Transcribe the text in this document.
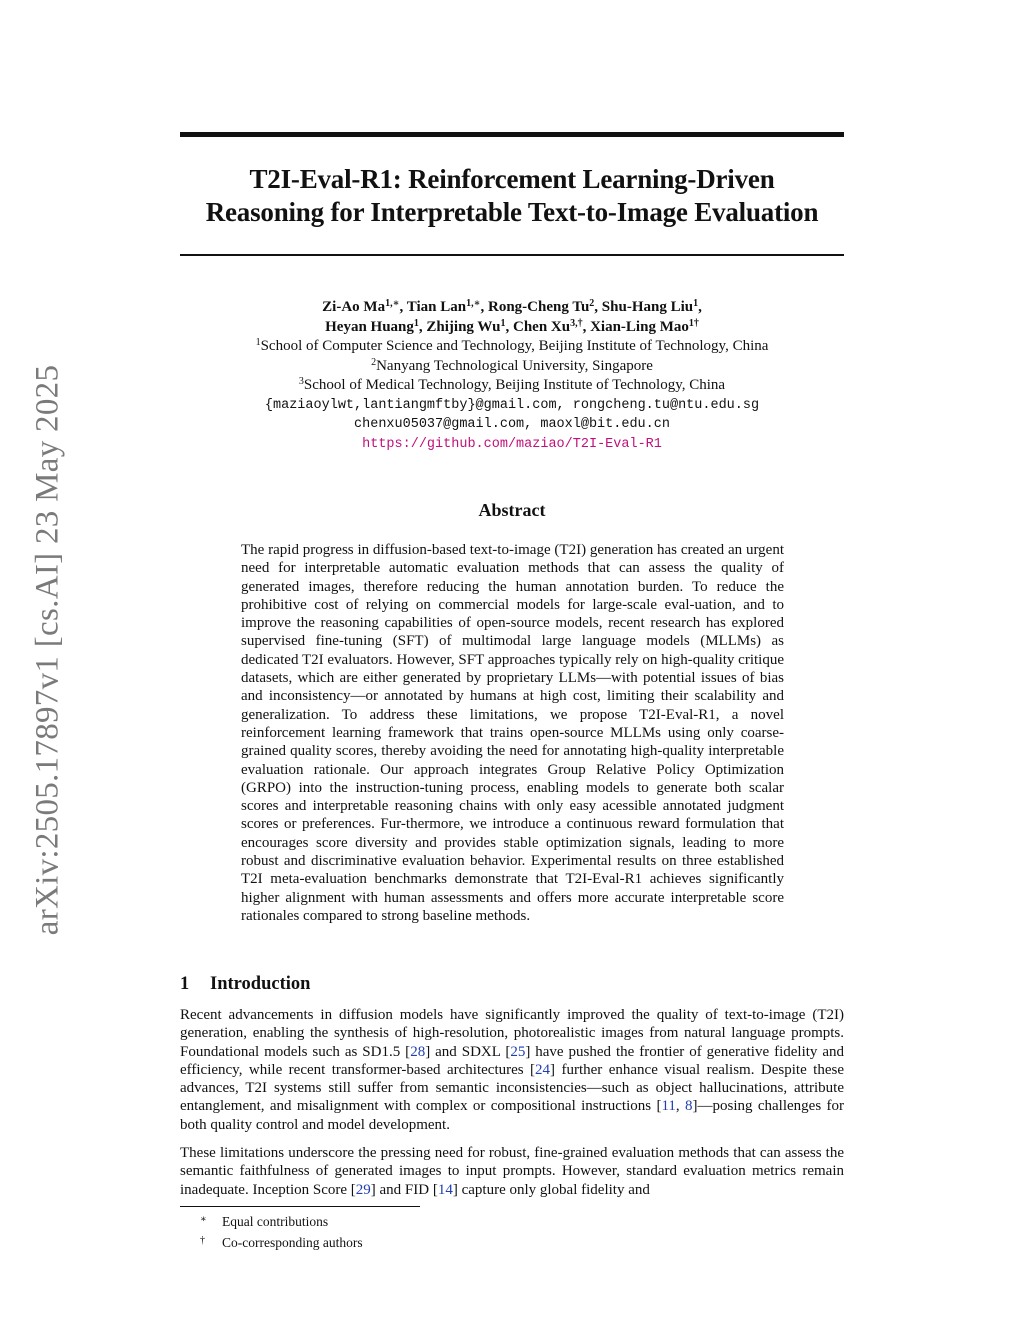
arXiv:2505.17897v1 [cs.AI] 23 May 2025
T2I-Eval-R1: Reinforcement Learning-Driven
Reasoning for Interpretable Text-to-Image Evaluation
Zi-Ao $Ma^{1,∗}$, Tian Lan$^{1,∗}$, Rong-Cheng Tu$^2$, Shu-Hang Liu$^1$,
Heyan Huang$^1$, Zhijing Wu$^1$, Chen $Xu^{3,\dagger}$, Xian-Ling Mao$^{1\dagger}$
$^1$School of Computer Science and Technology, Beijing Institute of Technology, China
$^2$Nanyang Technological University, Singapore
$^3$School of Medical Technology, Beijing Institute of Technology, China
{maziaoylwt,lantiangmftby}@gmail.com, rongcheng.tu@ntu.edu.sg
chenxu05037@gmail.com, maoxl@bit.edu.cn
https://github.com/maziao/T2I-Eval-R1
Abstract
The rapid progress in diffusion-based text-to-image (T2I) generation has created an urgent need for interpretable automatic evaluation methods that can assess the quality of generated images, therefore reducing the human annotation burden. To reduce the prohibitive cost of relying on commercial models for large-scale eval-uation, and to improve the reasoning capabilities of open-source models, recent research has explored supervised fine-tuning (SFT) of multimodal large language models (MLLMs) as dedicated T2I evaluators. However, SFT approaches typically rely on high-quality critique datasets, which are either generated by proprietary LLMs—with potential issues of bias and inconsistency—or annotated by humans at high cost, limiting their scalability and generalization. To address these limitations, we propose T2I-Eval-R1, a novel reinforcement learning framework that trains open-source MLLMs using only coarse-grained quality scores, thereby avoiding the need for annotating high-quality interpretable evaluation rationale. Our approach integrates Group Relative Policy Optimization (GRPO) into the instruction-tuning process, enabling models to generate both scalar scores and interpretable reasoning chains with only easy acessible annotated judgment scores or preferences. Fur-thermore, we introduce a continuous reward formulation that encourages score diversity and provides stable optimization signals, leading to more robust and discriminative evaluation behavior. Experimental results on three established T2I meta-evaluation benchmarks demonstrate that T2I-Eval-R1 achieves significantly higher alignment with human assessments and offers more accurate interpretable score rationales compared to strong baseline methods.
1 Introduction

Recent advancements in diffusion models have significantly improved the quality of text-to-image (T2I) generation, enabling the synthesis of high-resolution, photorealistic images from natural language prompts. Foundational models such as SD1.5 [28] and SDXL [25] have pushed the frontier of generative fidelity and efficiency, while recent transformer-based architectures [24] further enhance visual realism. Despite these advances, T2I systems still suffer from semantic inconsistencies—such as object hallucinations, attribute entanglement, and misalignment with complex or compositional instructions [11, 8]—posing challenges for both quality control and model development.

These limitations underscore the pressing need for robust, fine-grained evaluation methods that can assess the semantic faithfulness of generated images to input prompts. However, standard evaluation metrics remain inadequate. Inception Score [29] and FID [14] capture only global fidelity and

∗ Equal contributions
† Co-corresponding authors
